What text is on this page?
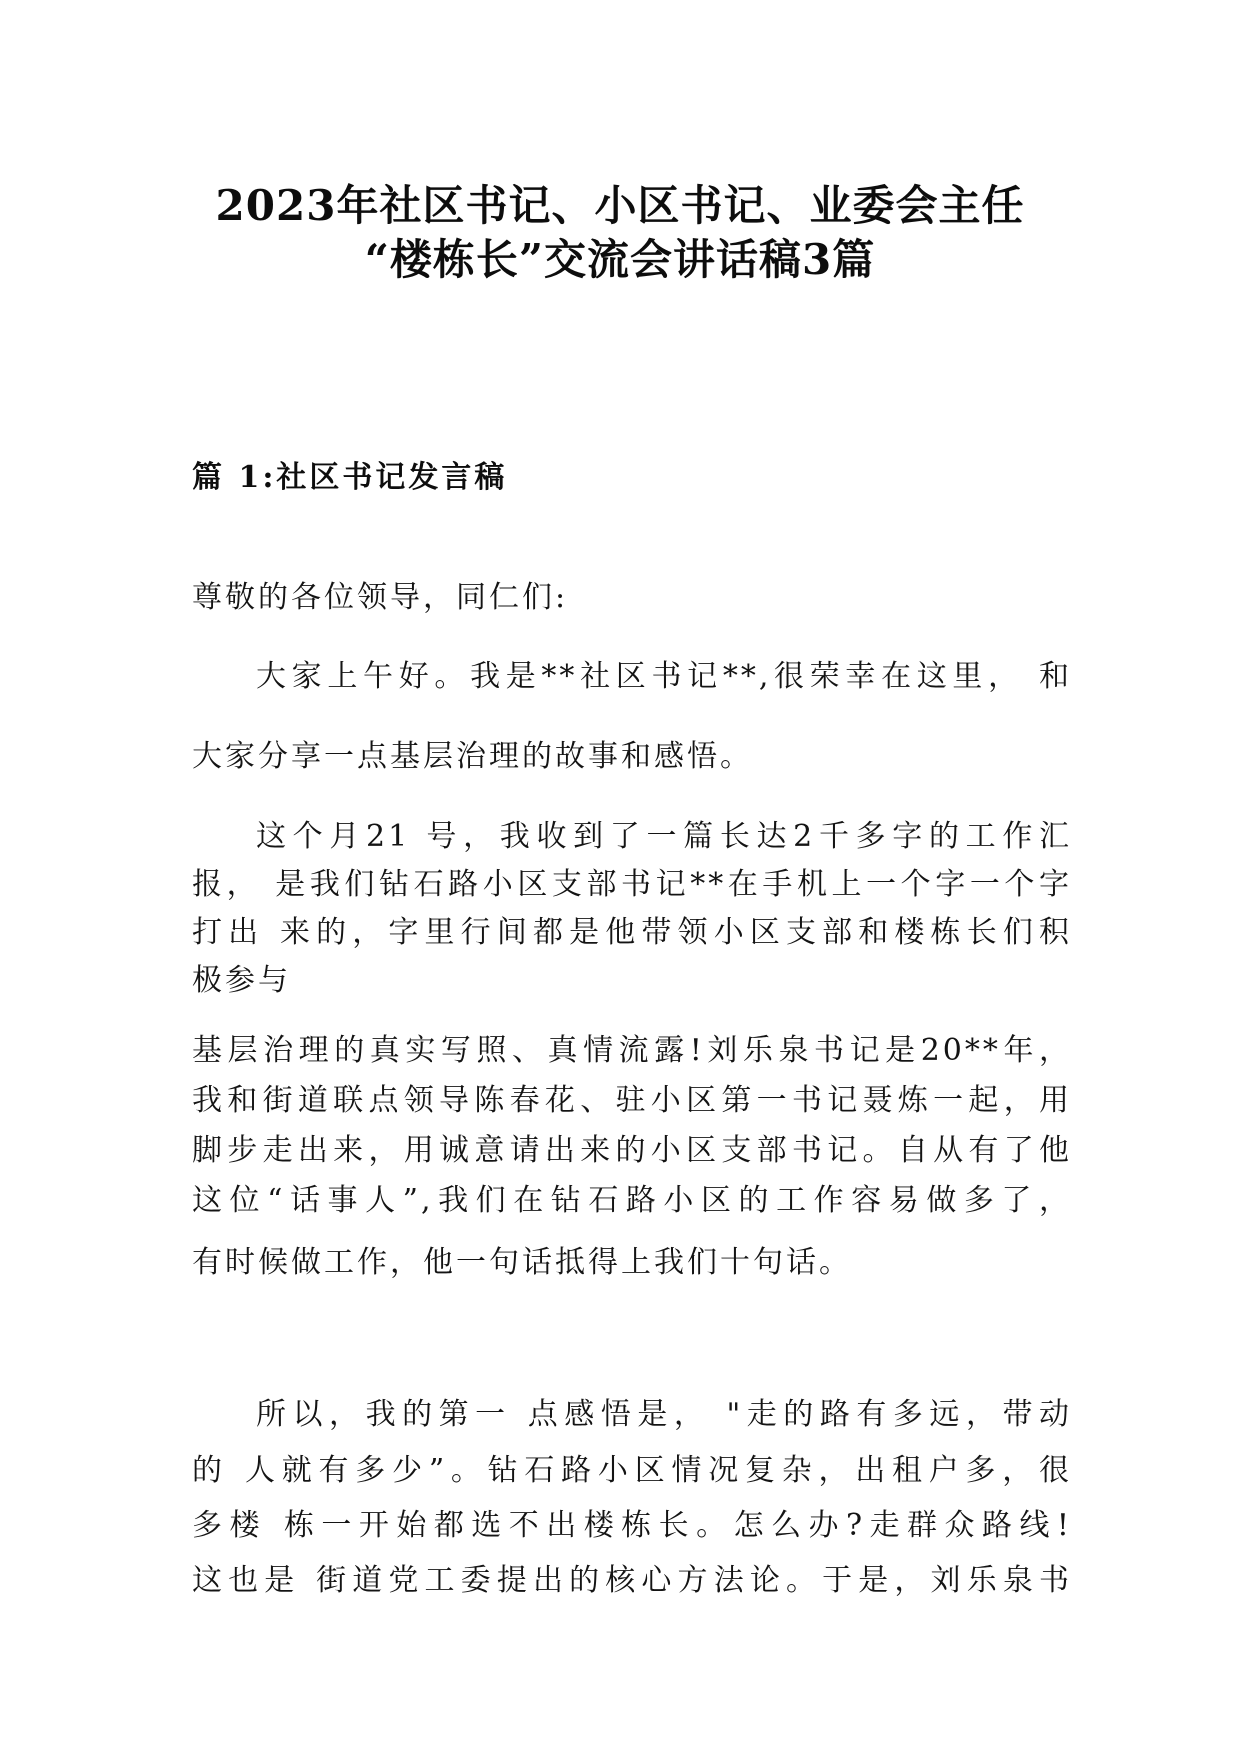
2023年社区书记、小区书记、业委会主任
“楼栋长”交流会讲话稿3篇
篇 1:社区书记发言稿

尊敬的各位领导，同仁们:

大家上午好。我是**社区书记**,很荣幸在这里， 和

大家分享一点基层治理的故事和感悟。

这个月21 号，我收到了一篇长达2千多字的工作汇

报， 是我们钻石路小区支部书记**在手机上一个字一个字

打出 来的，字里行间都是他带领小区支部和楼栋长们积

极参与

基层治理的真实写照、真情流露!刘乐泉书记是20**年，

我和街道联点领导陈春花、驻小区第一书记聂炼一起，用

脚步走出来，用诚意请出来的小区支部书记。自从有了他

这位“话事人”,我们在钻石路小区的工作容易做多了，

有时候做工作，他一句话抵得上我们十句话。

所以，我的第一 点感悟是， "走的路有多远，带动

的 人就有多少”。钻石路小区情况复杂，出租户多，很

多楼 栋一开始都选不出楼栋长。怎么办?走群众路线!

这也是 街道党工委提出的核心方法论。于是，刘乐泉书
